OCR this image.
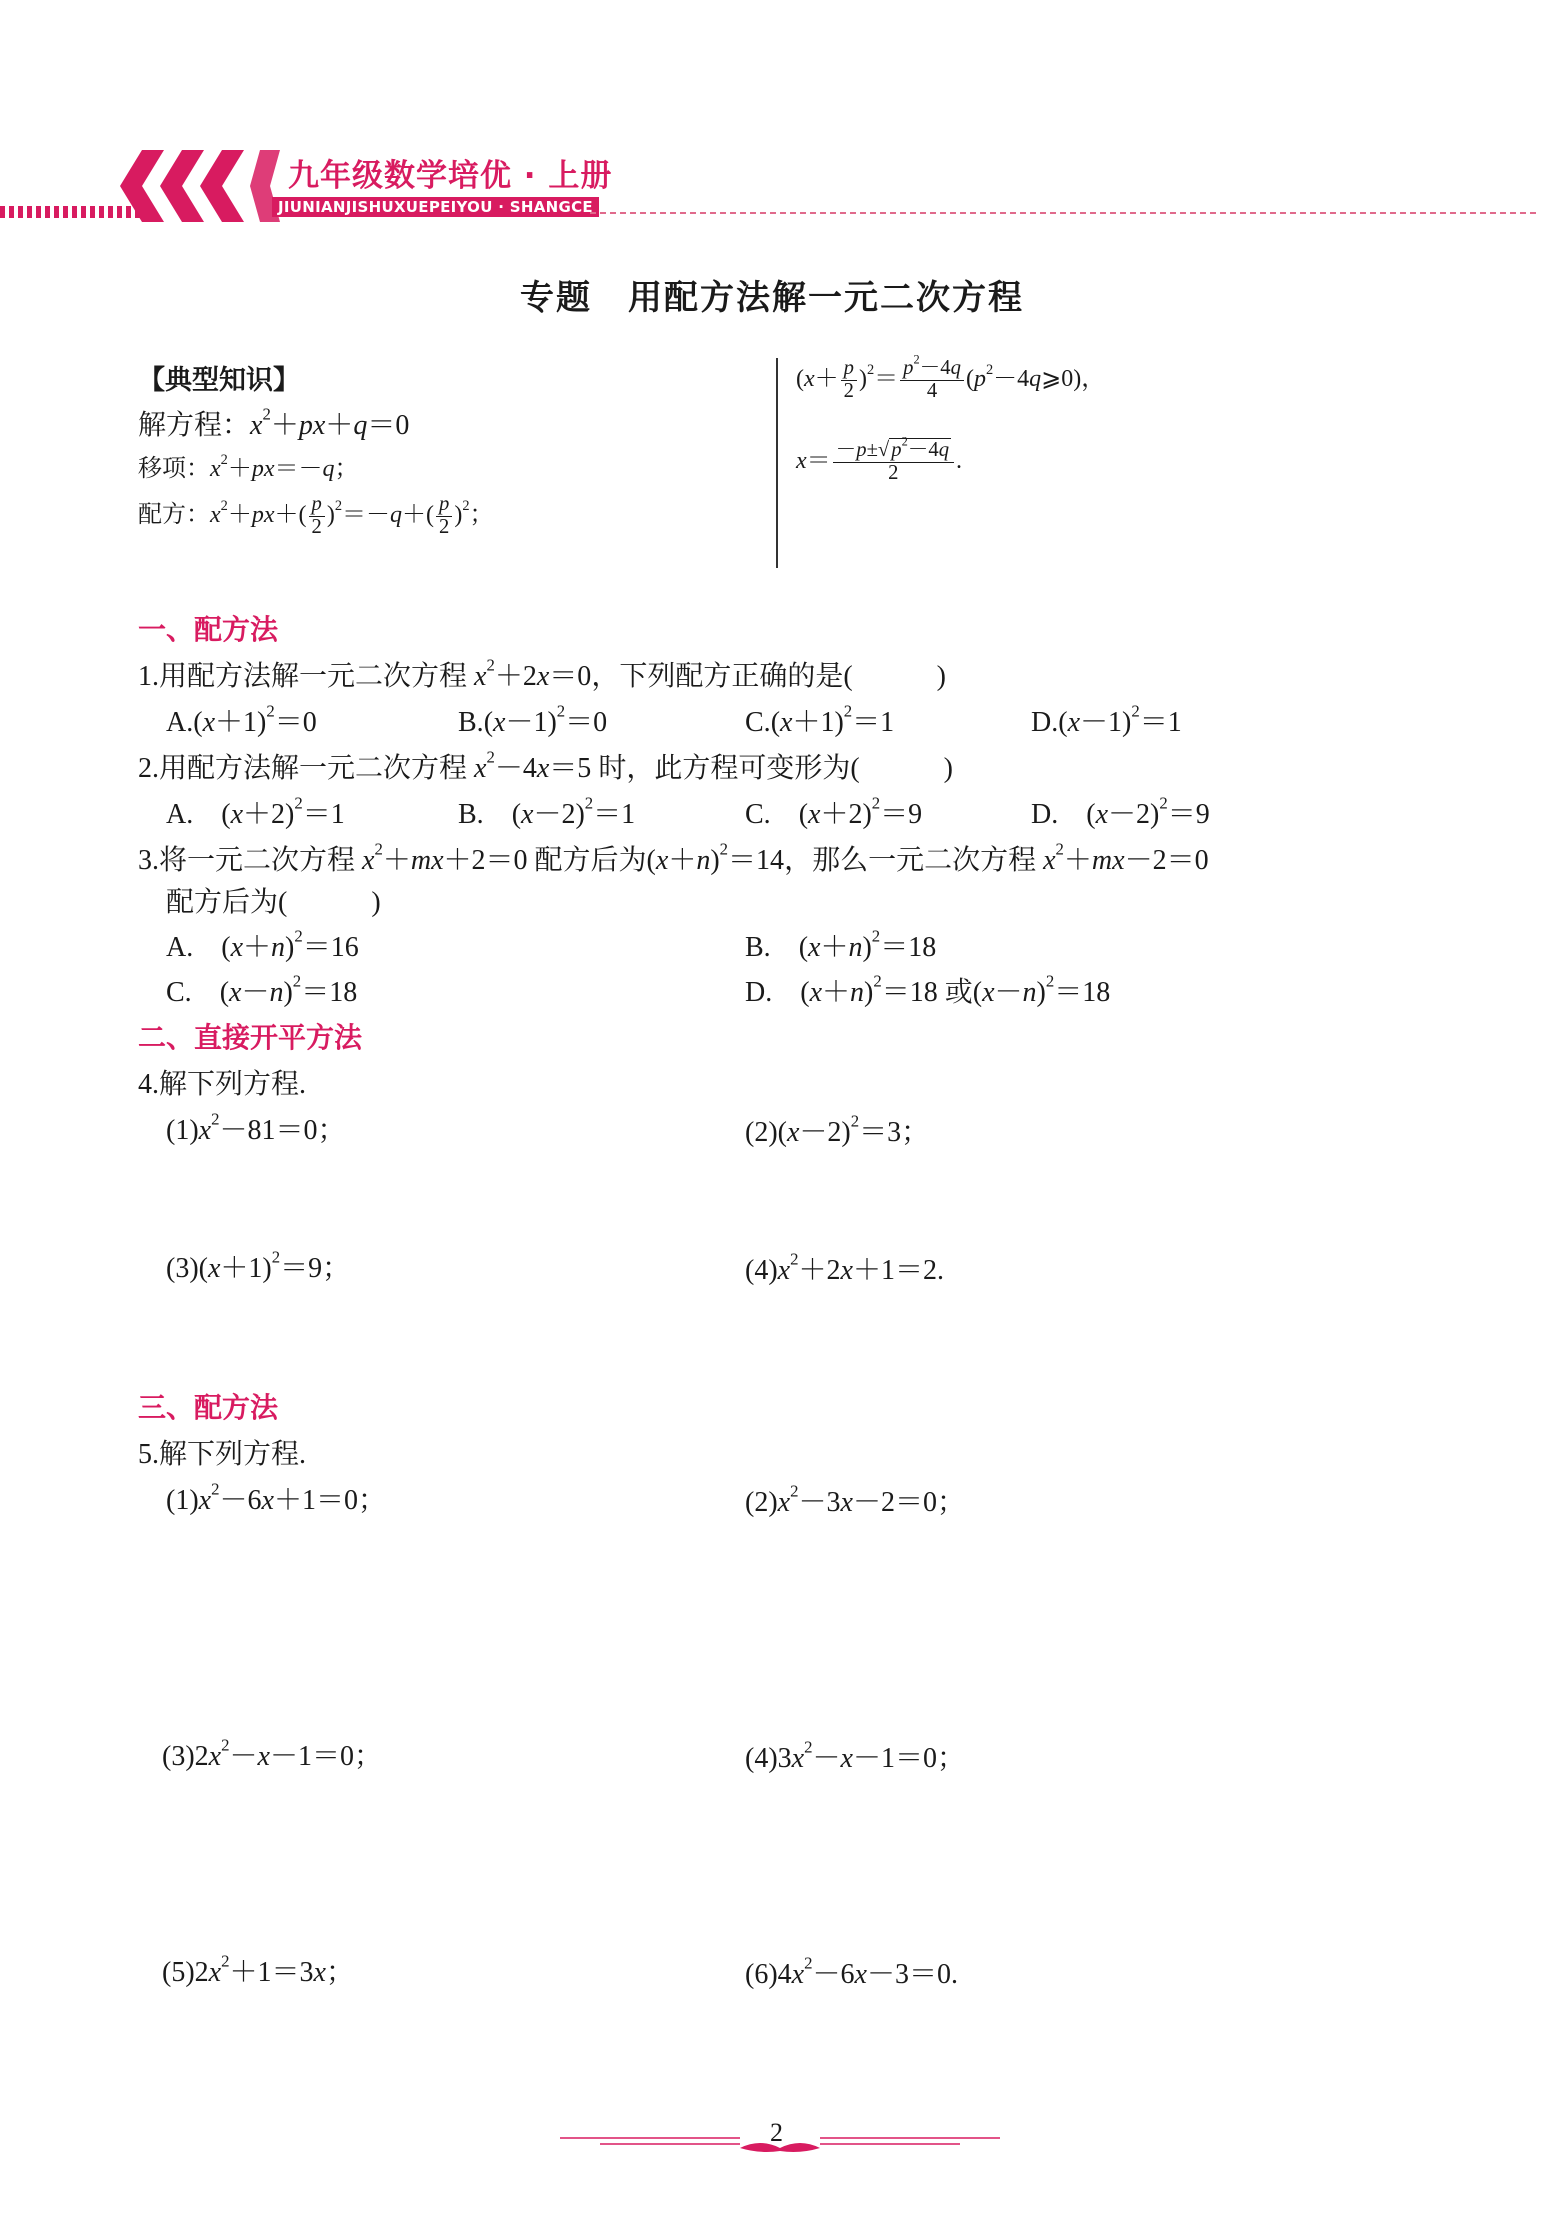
九年级数学培优 · 上册
JIUNIANJISHUXUEPEIYOU · SHANGCE
专题　用配方法解一元二次方程
【典型知识】
解方程：$x^2+px+q=0$
移项：$x^2+px=-q$；
配方：$x^2+px+( \frac{p}{2} )^2=-q+( \frac{p}{2} )^2$；
$(x+ \frac{p}{2} )^2= \frac{p^2-4q}{4}$ $(p^2-4q⩾0)$，
$x= \frac{-p\pm√p^2-4q}{2}$ .
一、配方法
1.用配方法解一元二次方程 $x^2+2x=0$，下列配方正确的是(　　　)
$A.(x+1)^2=0$	$B.(x-1)^2=0$	$C.(x+1)^2=1$	$D.(x-1)^2=1$
2.用配方法解一元二次方程 $x^2-4x=5$ 时，此方程可变形为(　　　)
A.　$(x+2)^2=1$	B.　$(x-2)^2=1$	C.　$(x+2)^2=9$	D.　$(x-2)^2=9$
3.将一元二次方程 $x^2+mx+2=0$ 配方后为$(x+n)^2=14$，那么一元二次方程 $x^2+mx-2=0$
配方后为(　　　)
A.　$(x+n)^2=16$	B.　$(x+n)^2=18$
C.　$(x-n)^2=18$	D.　$(x+n)^2=18$ 或$(x-n)^2=18$
二、直接开平方法
4.解下列方程.
$(1)x^2-81=0$；	$(2)(x-2)^2=3$；
$(3)(x+1)^2=9$；	$(4)x^2+2x+1=2$.
三、配方法
5.解下列方程.
$(1)x^2-6x+1=0$；	$(2)x^2-3x-2=0$；
$(3)2x^2-x-1=0$；	$(4)3x^2-x-1=0$；
$(5)2x^2+1=3x$；	$(6)4x^2-6x-3=0$.
2
